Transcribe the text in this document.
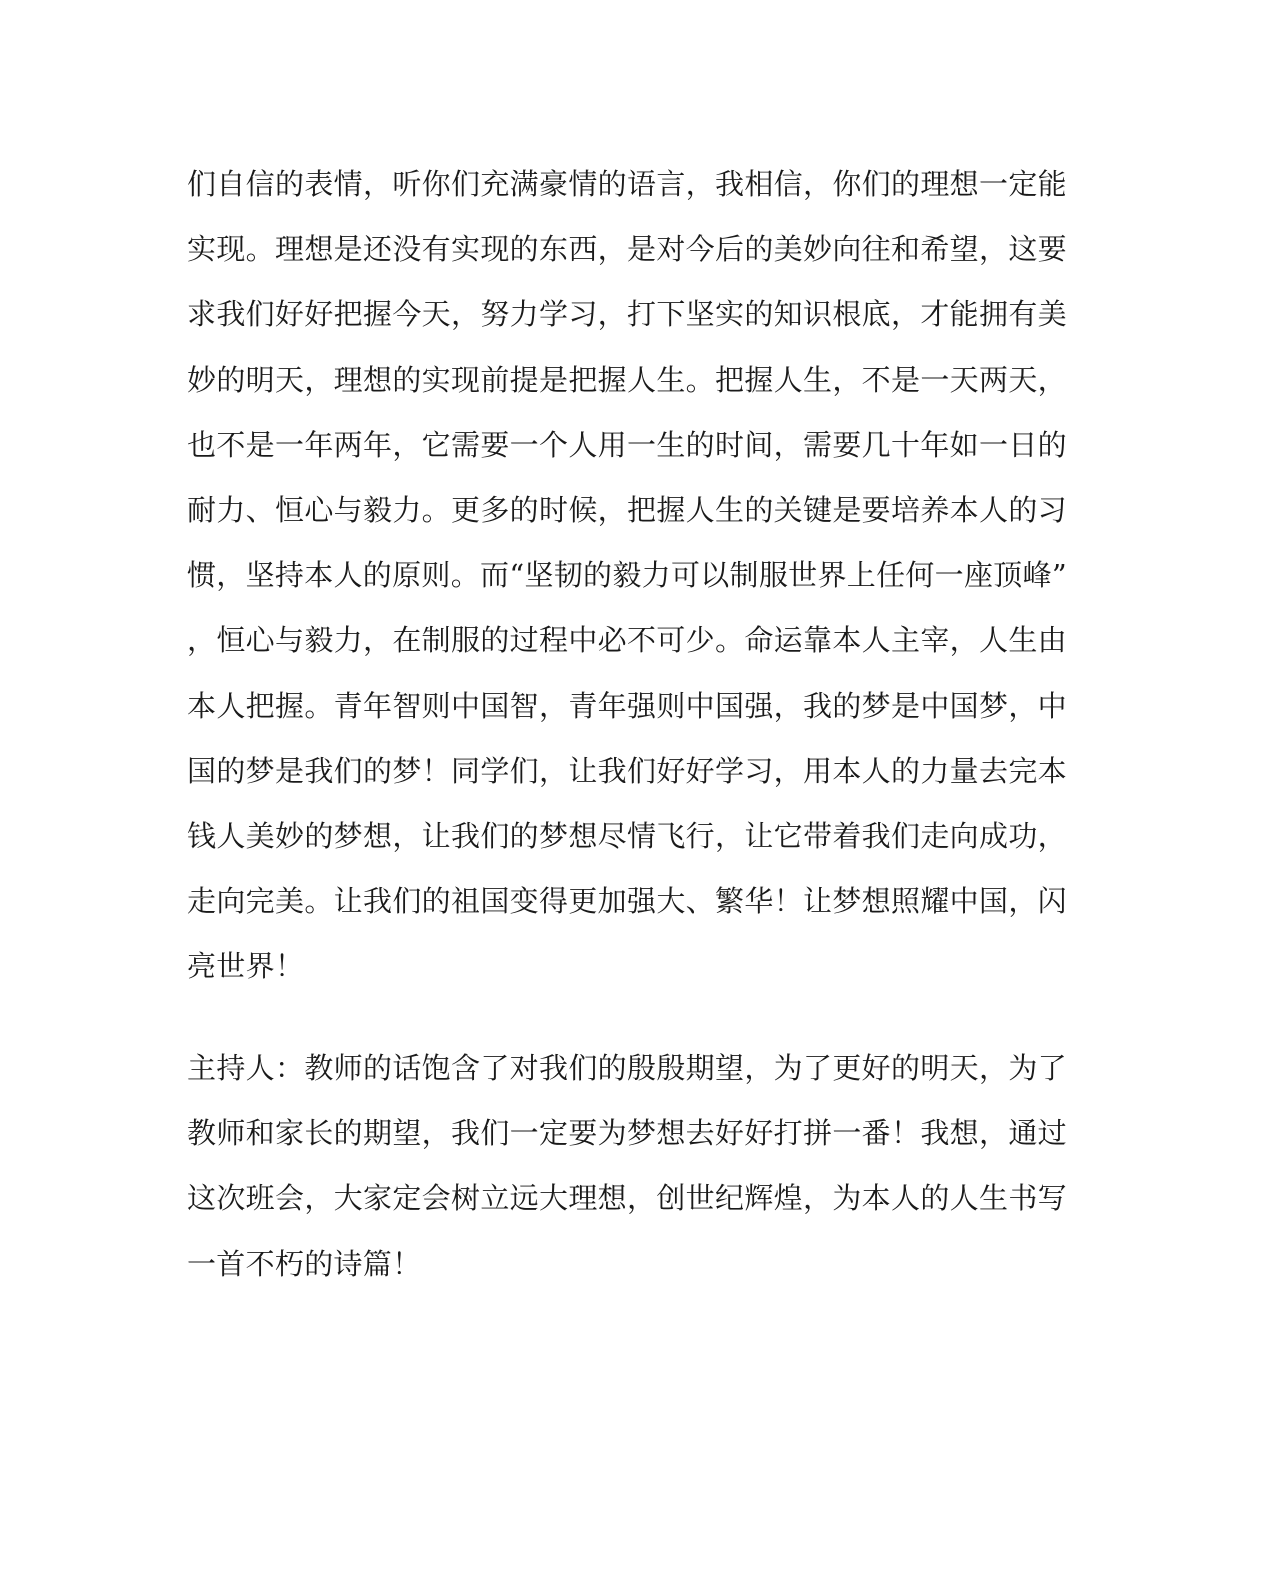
们自信的表情，听你们充满豪情的语言，我相信，你们的理想一定能
实现。理想是还没有实现的东西，是对今后的美妙向往和希望，这要
求我们好好把握今天，努力学习，打下坚实的知识根底，才能拥有美
妙的明天，理想的实现前提是把握人生。把握人生，不是一天两天，
也不是一年两年，它需要一个人用一生的时间，需要几十年如一日的
耐力、恒心与毅力。更多的时候，把握人生的关键是要培养本人的习
惯，坚持本人的原则。而“坚韧的毅力可以制服世界上任何一座顶峰”
，恒心与毅力，在制服的过程中必不可少。命运靠本人主宰，人生由
本人把握。青年智则中国智，青年强则中国强，我的梦是中国梦，中
国的梦是我们的梦！同学们，让我们好好学习，用本人的力量去完本
钱人美妙的梦想，让我们的梦想尽情飞行，让它带着我们走向成功，
走向完美。让我们的祖国变得更加强大、繁华！让梦想照耀中国，闪
亮世界！
主持人：教师的话饱含了对我们的殷殷期望，为了更好的明天，为了
教师和家长的期望，我们一定要为梦想去好好打拼一番！我想，通过
这次班会，大家定会树立远大理想，创世纪辉煌，为本人的人生书写
一首不朽的诗篇！
